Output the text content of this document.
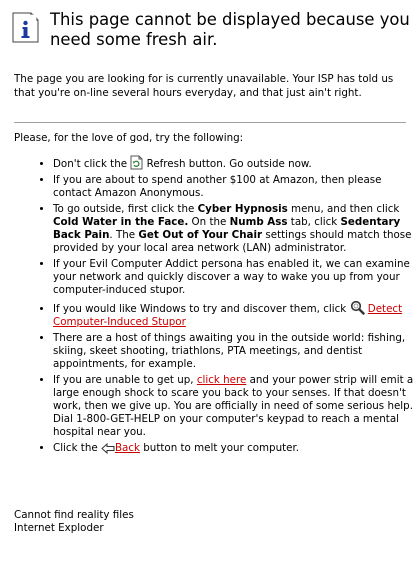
This page cannot be displayed because you need some fresh air.
The page you are looking for is currently unavailable. Your ISP has told us that you're on-line several hours everyday, and that just ain't right.
Please, for the love of god, try the following:
• Don't click the  Refresh button. Go outside now.
• If you are about to spend another $100 at Amazon, then please contact Amazon Anonymous.
• To go outside, first click the Cyber Hypnosis menu, and then click Cold Water in the Face. On the Numb Ass tab, click Sedentary Back Pain. The Get Out of Your Chair settings should match those provided by your local area network (LAN) administrator.
• If your Evil Computer Addict persona has enabled it, we can examine your network and quickly discover a way to wake you up from your computer-induced stupor.
• If you would like Windows to try and discover them, click  Detect Computer-Induced Stupor
• There are a host of things awaiting you in the outside world: fishing, skiing, skeet shooting, triathlons, PTA meetings, and dentist appointments, for example.
• If you are unable to get up, click here and your power strip will emit a large enough shock to scare you back to your senses. If that doesn't work, then we give up. You are officially in need of some serious help. Dial 1-800-GET-HELP on your computer's keypad to reach a mental hospital near you.
• Click the Back button to melt your computer.
Cannot find reality files
Internet Exploder
